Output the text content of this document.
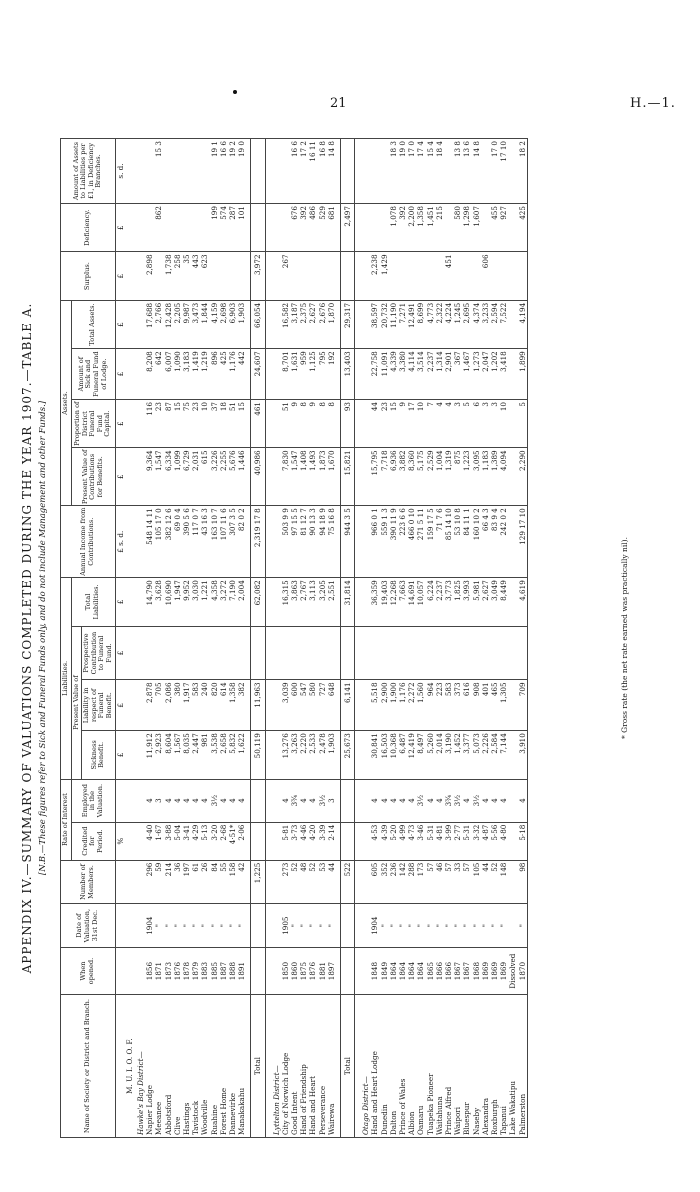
21	H.—1.
APPENDIX IV.—SUMMARY OF VALUATIONS COMPLETED DURING THE YEAR 1907.—TABLE A. [N.B.—These figures refer to Sick and Funeral Funds only, and do not include Management and other Funds.]
Name of Society or District and Branch.	When opened.	Date of Valuation, 31st Dec.	Number of Members.	Rate of Interest		Liabilities.				Annual Income from Contributions.	Assets.				Surplus.	Deficiency.	Amount of Assets to Liabilities per £1, in Deficiency Branches.
				Credited for Period.	Employed in the Valuation.	Present Value of			Total Liabilities.		Present Value of Contributions for Benefits.	Proportion of District Funeral Fund Capital.	Amount of Sick and Funeral Fund of Lodge.	Total Assets.			
						Sickness Benefit.	Liability in respect of Funeral Benefit.	Prospective Contribution to Funeral Fund.									
				%		£	£	£	£	£ s. d.	£	£	£	£	£	£	s. d.
M. U. I. O. O. F.																	
Hawke's Bay District—																	
Napier Lodge	1856	1904	296	4·40	4	11,912	2,878		14,790	548 14 11	9,364	116	8,208	17,688	2,898		
Meeanee	1871	"	59	1·67	3	2,923	705		3,628	105 17 0	1,547	23	642	2,766		862	15 3
Abbotsford	1873	"	214	3·88	4	8,604	2,086		10,690	382 12 6	6,334	87	6,007	12,428	1,738		
Clive	1876	"	36	5·04	4	1,567	380		1,947	69 0 4	1,099	15	1,090	2,205	258		
Hastings	1878	"	197	3·41	4	8,035	1,917		9,952	390 5 6	6,729	75	3,183	9,987	35		
Tavistock	1879	"	61	4·29	4	2,447	583		3,030	117 0 7	2,031	23	1,419	3,473	443		
Woodville	1883	"	26	5·13	4	981	240		1,221	43 16 3	615	10	1,219	1,844	623		
Ruahine	1885	"	84	3·20	3½	3,538	820		4,358	163 10 7	3,226	37	896	4,159		199	19 1
Forest Home	1887	"	55	2·68	4	2,658	614		3,272	107 11 6	2,255	18	425	2,698		574	16 6
Dannevirke	1888	"	158	4·51*	4	5,832	1,358		7,190	307 3 5	5,676	51	1,176	6,903		287	19 2
Manakakahu	1891	"	42	2·06	4	1,622	382		2,004	82 0 2	1,446	15	442	1,903		101	19 0

Total			1,225			50,119	11,963		62,082	2,319 17 8	40,986	461	24,607	66,054	3,972		

Lyttelton District—																	
City of Norwich Lodge	1850	1905	273	5·81	4	13,276	3,039		16,315	503 9 9	7,830	51	8,701	16,582	267		
Good Intent	1860	"	52	3·73	3¾	3,263	600		3,863	97 15 5	1,547	9	1,631	3,187		676	16 6
Hand of Friendship	1875	"	48	4·46	4	2,220	547		2,767	81 12 7	1,408	8	959	2,375		392	17 2
Hand and Heart	1876	"	52	4·20	4	2,533	580		3,113	90 13 3	1,493	9	1,125	2,627		486	16 11
Perseverance	1881	"	53	3·39	3½	2,478	727		3,205	94 18 9	1,873	8	795	2,676		529	16 8
Wairewa	1897	"	44	2·14	3	1,903	648		2,551	75 16 8	1,670	8	192	1,870		681	14 8

Total			522			25,673	6,141		31,814	944 3 5	15,821	93	13,403	29,317		2,497	

Otago District—																	
Hand and Heart Lodge	1848	1904	605	4·53	4	30,841	5,518		36,359	966 0 1	15,795	44	22,758	38,597	2,238		
Dunedin	1849	"	352	4·39	4	16,503	2,900		19,403	559 1 3	7,718	23	11,091	20,732	1,429		
Dalton	1864	"	236	5·20	4	10,368	1,900		12,268	390 11 9	6,936	15	4,339	11,190		1,078	18 3
Prince of Wales	1864	"	142	4·99	4	6,487	1,176		7,663	223 6 6	3,882	9	3,380	7,271		392	19 0
Albion	1864	"	288	4·73	4	12,419	2,272		14,691	466 0 10	8,360	17	4,114	12,491		2,200	17 0
Oamaru	1864	"	173	3·46	3½	8,497	1,560		10,057	271 5 11	5,175	10	3,514	8,699		1,358	17 4
Tuapeka Pioneer	1865	"	57	5·31	4	5,260	964		6,224	159 17 5	2,529	7	2,237	4,773		1,451	15 4
Waitahuna	1866	"	46	4·81	4	2,014	223		2,237	71 7 6	1,004	4	1,314	2,322		215	18 4
Prince Alfred	1866	"	57	3·99	3¾	3,190	583		3,773	85 14 10	1,319	4	2,901	4,224	451		
Waipori	1867	"	33	2·77	3½	1,452	373		1,825	53 10 8	875	3	367	1,245		580	13 8
Bluespur	1867	"	57	5·31	4	3,377	616		3,993	84 11 1	1,223	5	1,467	2,695		1,298	13 6
Naseby	1868	"	105	3·32	3½	5,073	908		5,981	160 10 2	3,095	6	1,273	4,374		1,607	14 8
Alexandra	1869	"	44	4·87	4	2,226	401		2,627	66 4 3	1,183	3	2,047	3,233	606		
Roxburgh	1869	"	52	5·56	4	2,584	465		3,049	83 9 4	1,389	3	1,202	2,594		455	17 0
Tapanui	1869	"	148	4·80	4	7,144	1,305		8,449	242 0 2	4,094	10	3,418	7,522		927	17 10
Lake Wakatipu	Dissolved																
Palmerston	1870	"	98	5·18	4	3,910	709		4,619	129 17 10	2,290	5	1,899	4,194		425	18 2
* Gross rate (the net rate earned was practically nil).
